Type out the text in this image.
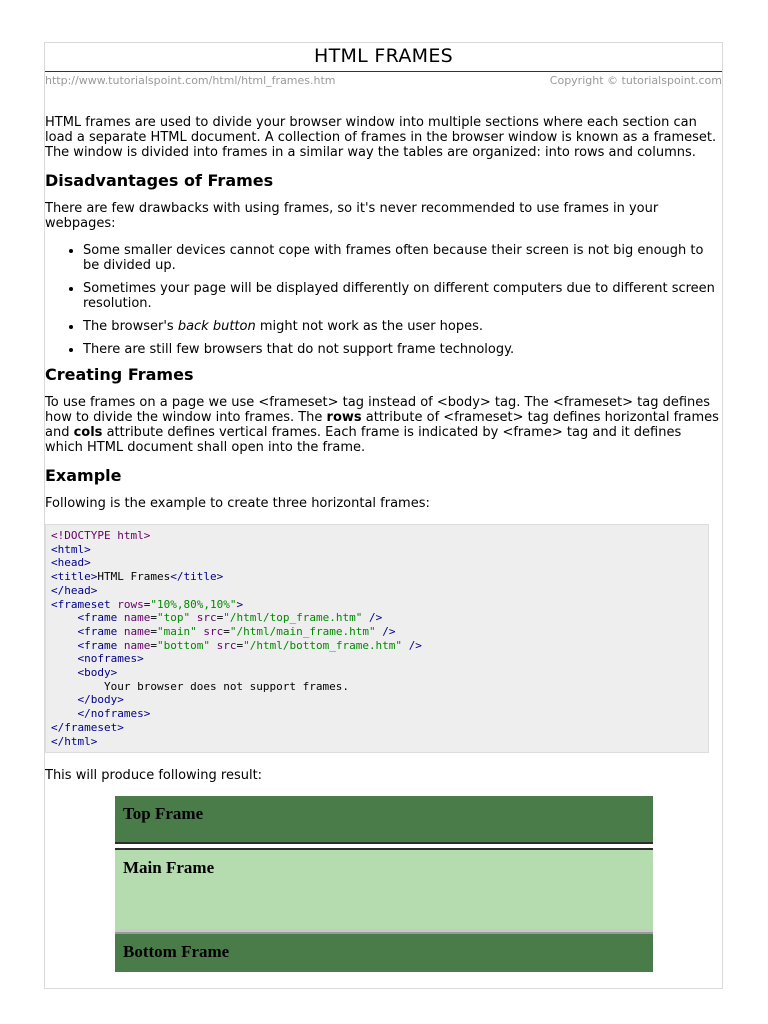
HTML FRAMES
http://www.tutorialspoint.com/html/html_frames.htm	Copyright © tutorialspoint.com

HTML frames are used to divide your browser window into multiple sections where each section can load a separate HTML document. A collection of frames in the browser window is known as a frameset. The window is divided into frames in a similar way the tables are organized: into rows and columns.

Disadvantages of Frames

There are few drawbacks with using frames, so it's never recommended to use frames in your webpages:

• Some smaller devices cannot cope with frames often because their screen is not big enough to be divided up.
• Sometimes your page will be displayed differently on different computers due to different screen resolution.
• The browser's back button might not work as the user hopes.
• There are still few browsers that do not support frame technology.
Creating Frames

To use frames on a page we use <frameset> tag instead of <body> tag. The <frameset> tag defines how to divide the window into frames. The rows attribute of <frameset> tag defines horizontal frames and cols attribute defines vertical frames. Each frame is indicated by <frame> tag and it defines which HTML document shall open into the frame.

Example

Following is the example to create three horizontal frames:

<!DOCTYPE html>
<html>
<head>
<title>HTML Frames</title>
</head>
<frameset rows="10%,80%,10%">
<frame name="top" src="/html/top_frame.htm" />
<frame name="main" src="/html/main_frame.htm" />
<frame name="bottom" src="/html/bottom_frame.htm" />
<noframes>
<body>
Your browser does not support frames.
</body>
</noframes>
</frameset>
</html>

This will produce following result:

Top Frame
Main Frame
Bottom Frame
